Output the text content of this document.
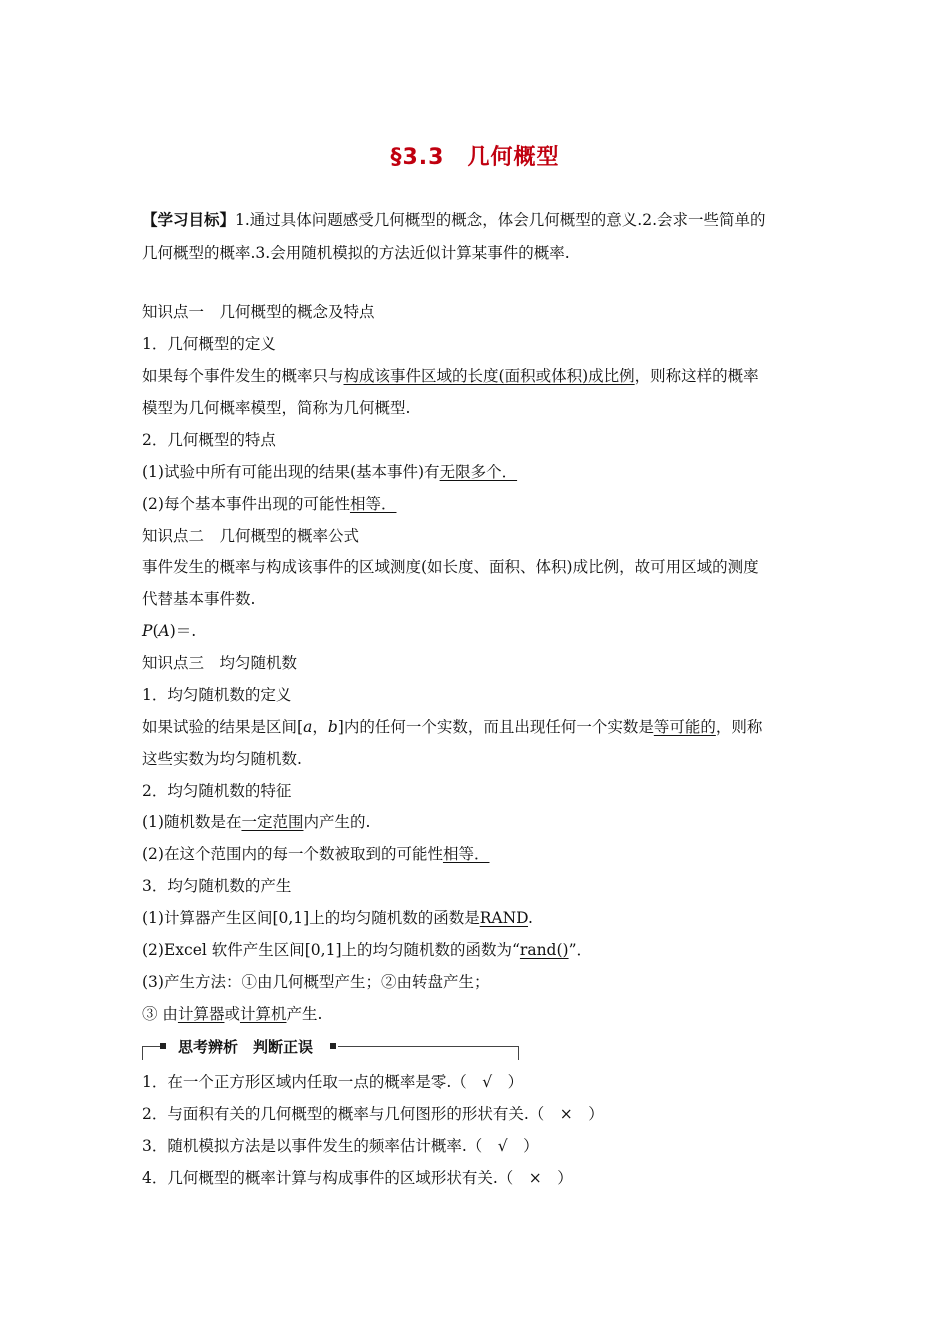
§3.3　几何概型
【学习目标】1.通过具体问题感受几何概型的概念，体会几何概型的意义.2.会求一些简单的
几何概型的概率.3.会用随机模拟的方法近似计算某事件的概率.
知识点一　几何概型的概念及特点
1．几何概型的定义
如果每个事件发生的概率只与构成该事件区域的长度(面积或体积)成比例，则称这样的概率
模型为几何概率模型，简称为几何概型.
2．几何概型的特点
(1)试验中所有可能出现的结果(基本事件)有无限多个．
(2)每个基本事件出现的可能性相等．
知识点二　几何概型的概率公式
事件发生的概率与构成该事件的区域测度(如长度、面积、体积)成比例，故可用区域的测度
代替基本事件数.
P(A)＝.
知识点三　均匀随机数
1．均匀随机数的定义
如果试验的结果是区间[a，b]内的任何一个实数，而且出现任何一个实数是等可能的，则称
这些实数为均匀随机数.
2．均匀随机数的特征
(1)随机数是在一定范围内产生的.
(2)在这个范围内的每一个数被取到的可能性相等．
3．均匀随机数的产生
(1)计算器产生区间[0,1]上的均匀随机数的函数是RAND.
(2)Excel 软件产生区间[0,1]上的均匀随机数的函数为“rand()”．
(3)产生方法：①由几何概型产生；②由转盘产生；
③ 由计算器或计算机产生.
思考辨析　判断正误
1．在一个正方形区域内任取一点的概率是零.（　√　）
2．与面积有关的几何概型的概率与几何图形的形状有关.（　×　）
3．随机模拟方法是以事件发生的频率估计概率.（　√　）
4．几何概型的概率计算与构成事件的区域形状有关.（　×　）
